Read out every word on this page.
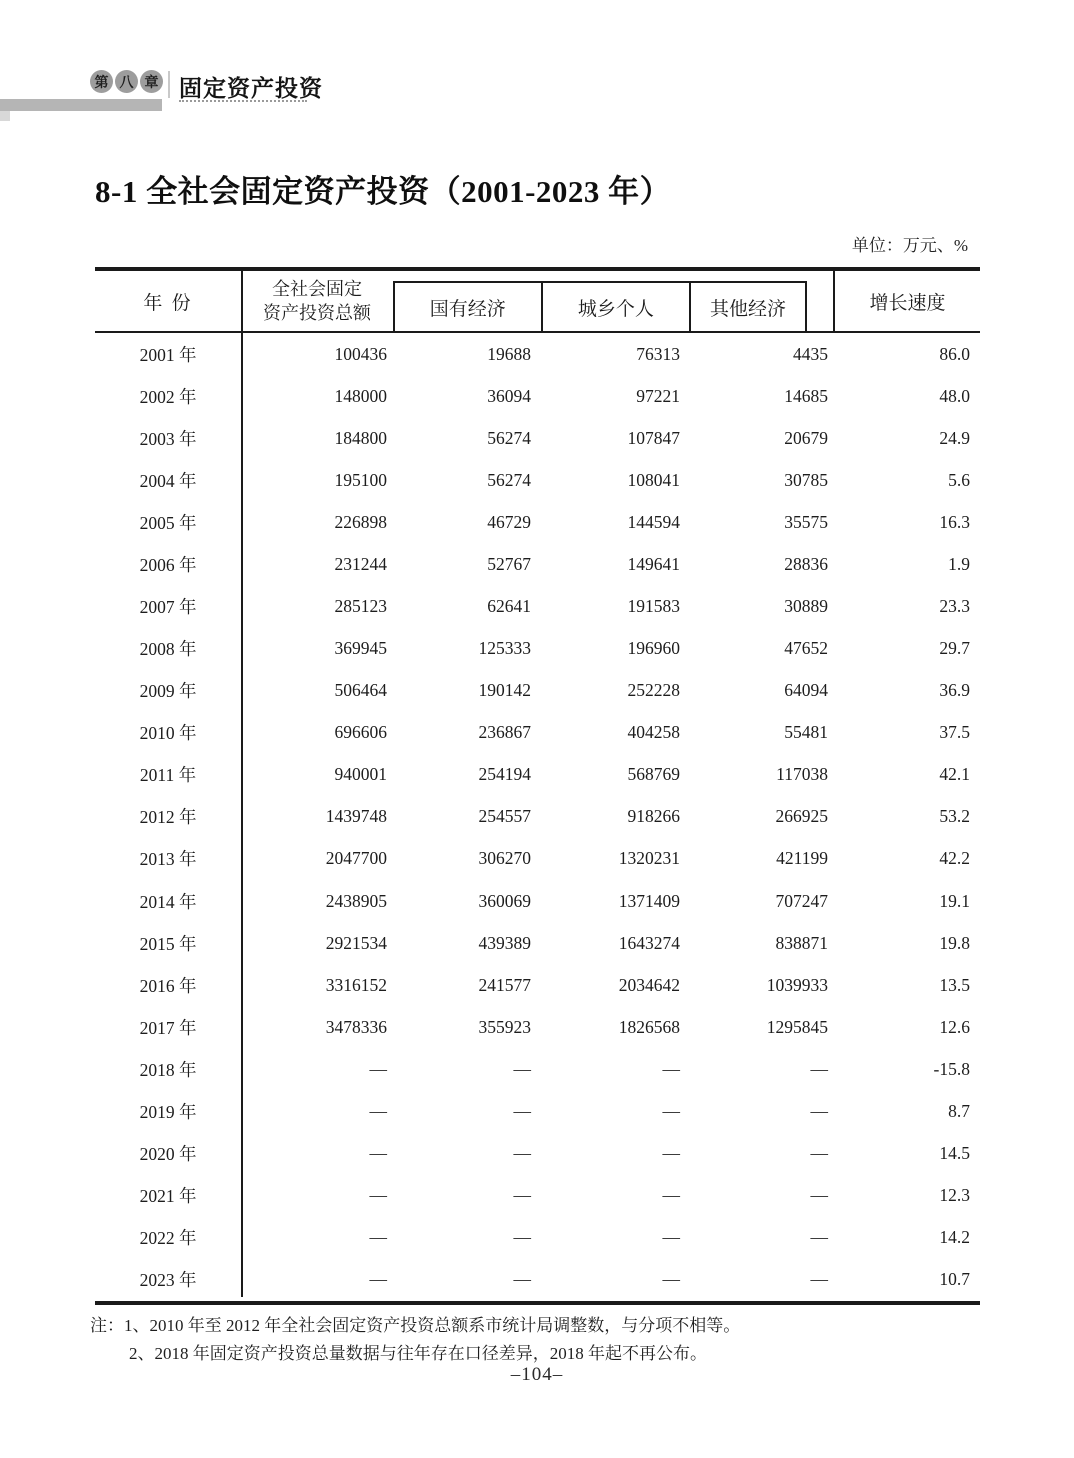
第 八 章 固定资产投资
8-1 全社会固定资产投资（2001-2023 年）
单位：万元、%
年 份
全社会固定
资产投资总额	国有经济	城乡个人	其他经济	增长速度
2001 年	100436	19688	76313	4435	86.0
2002 年	148000	36094	97221	14685	48.0
2003 年	184800	56274	107847	20679	24.9
2004 年	195100	56274	108041	30785	5.6
2005 年	226898	46729	144594	35575	16.3
2006 年	231244	52767	149641	28836	1.9
2007 年	285123	62641	191583	30889	23.3
2008 年	369945	125333	196960	47652	29.7
2009 年	506464	190142	252228	64094	36.9
2010 年	696606	236867	404258	55481	37.5
2011 年	940001	254194	568769	117038	42.1
2012 年	1439748	254557	918266	266925	53.2
2013 年	2047700	306270	1320231	421199	42.2
2014 年	2438905	360069	1371409	707247	19.1
2015 年	2921534	439389	1643274	838871	19.8
2016 年	3316152	241577	2034642	1039933	13.5
2017 年	3478336	355923	1826568	1295845	12.6
2018 年	—	—	—	—	-15.8
2019 年	—	—	—	—	8.7
2020 年	—	—	—	—	14.5
2021 年	—	—	—	—	12.3
2022 年	—	—	—	—	14.2
2023 年	—	—	—	—	10.7
注：1、2010 年至 2012 年全社会固定资产投资总额系市统计局调整数，与分项不相等。
2、2018 年固定资产投资总量数据与往年存在口径差异，2018 年起不再公布。
–104–
